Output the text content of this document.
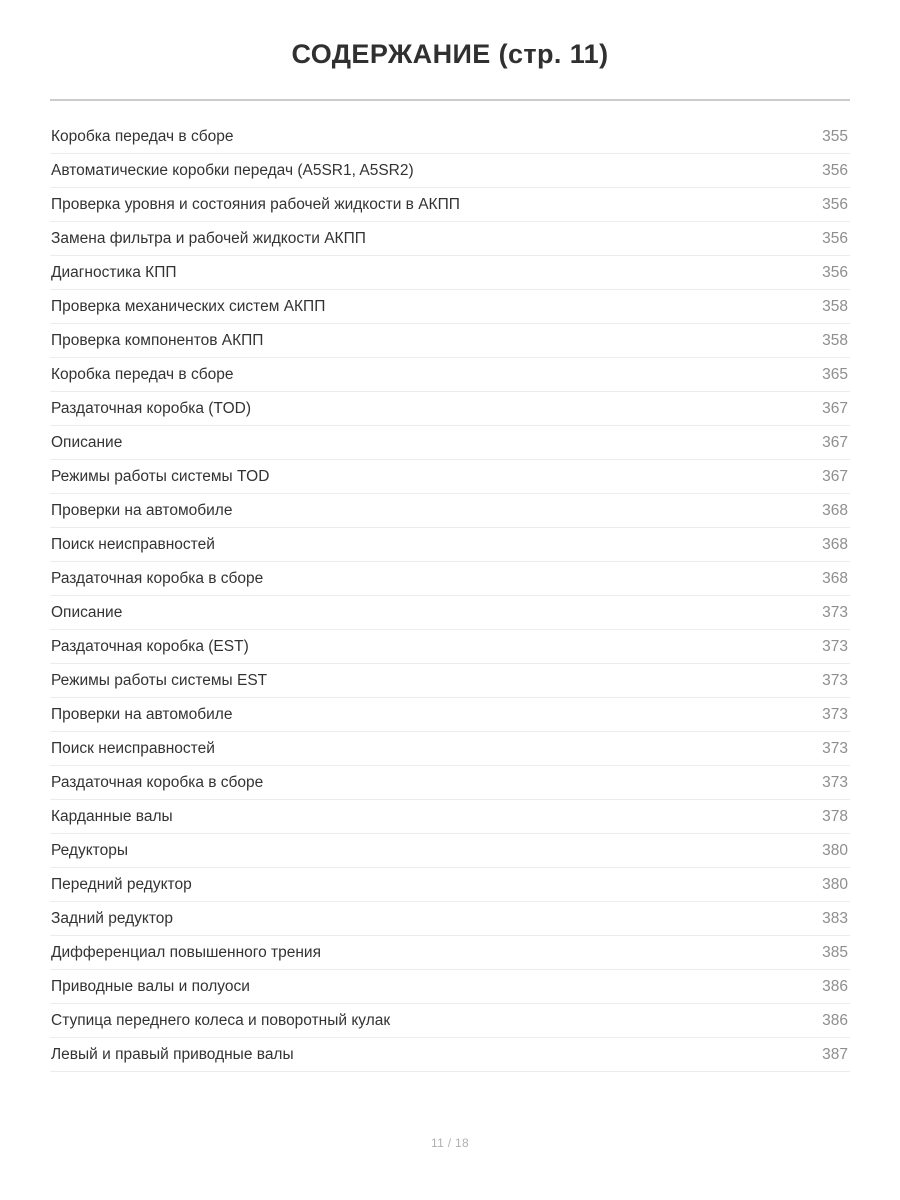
СОДЕРЖАНИЕ (стр. 11)
Коробка передач в сборе	355
Автоматические коробки передач (A5SR1, A5SR2)	356
Проверка уровня и состояния рабочей жидкости в АКПП	356
Замена фильтра и рабочей жидкости АКПП	356
Диагностика КПП	356
Проверка механических систем АКПП	358
Проверка компонентов АКПП	358
Коробка передач в сборе	365
Раздаточная коробка (TOD)	367
Описание	367
Режимы работы системы TOD	367
Проверки на автомобиле	368
Поиск неисправностей	368
Раздаточная коробка в сборе	368
Описание	373
Раздаточная коробка (EST)	373
Режимы работы системы EST	373
Проверки на автомобиле	373
Поиск неисправностей	373
Раздаточная коробка в сборе	373
Карданные валы	378
Редукторы	380
Передний редуктор	380
Задний редуктор	383
Дифференциал повышенного трения	385
Приводные валы и полуоси	386
Ступица переднего колеса и поворотный кулак	386
Левый и правый приводные валы	387
11 / 18
